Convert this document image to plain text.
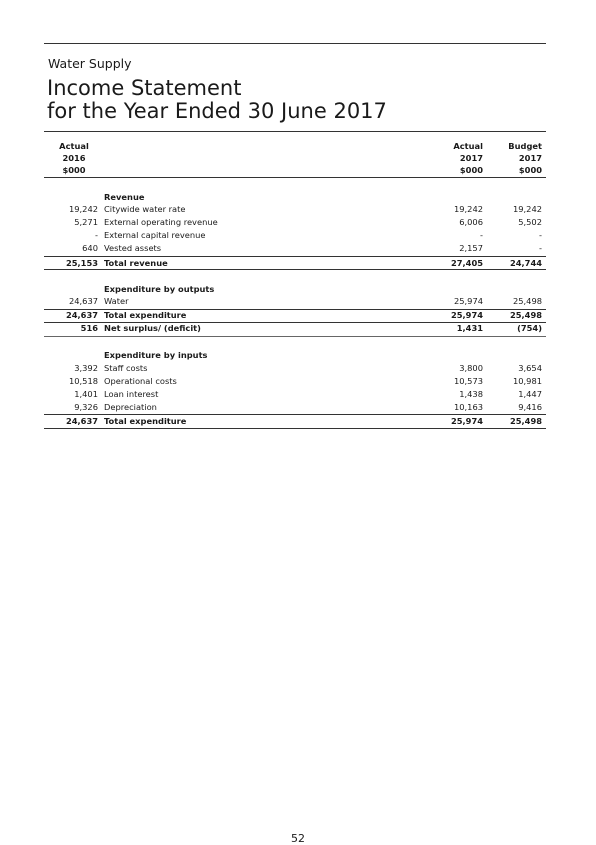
Water Supply
Income Statement
for the Year Ended 30 June 2017
Actual
2016
$000
Actual
2017
$000
Budget
2017
$000
Revenue
19,242 Citywide water rate	19,242	19,242
5,271 External operating revenue	6,006	5,502
- External capital revenue	-	-
640 Vested assets	2,157	-
25,153 Total revenue	27,405	24,744
Expenditure by outputs
24,637 Water	25,974	25,498
24,637 Total expenditure	25,974	25,498
516 Net surplus/ (deficit)	1,431	(754)
Expenditure by inputs
3,392 Staff costs	3,800	3,654
10,518 Operational costs	10,573	10,981
1,401 Loan interest	1,438	1,447
9,326 Depreciation	10,163	9,416
24,637 Total expenditure	25,974	25,498
52
